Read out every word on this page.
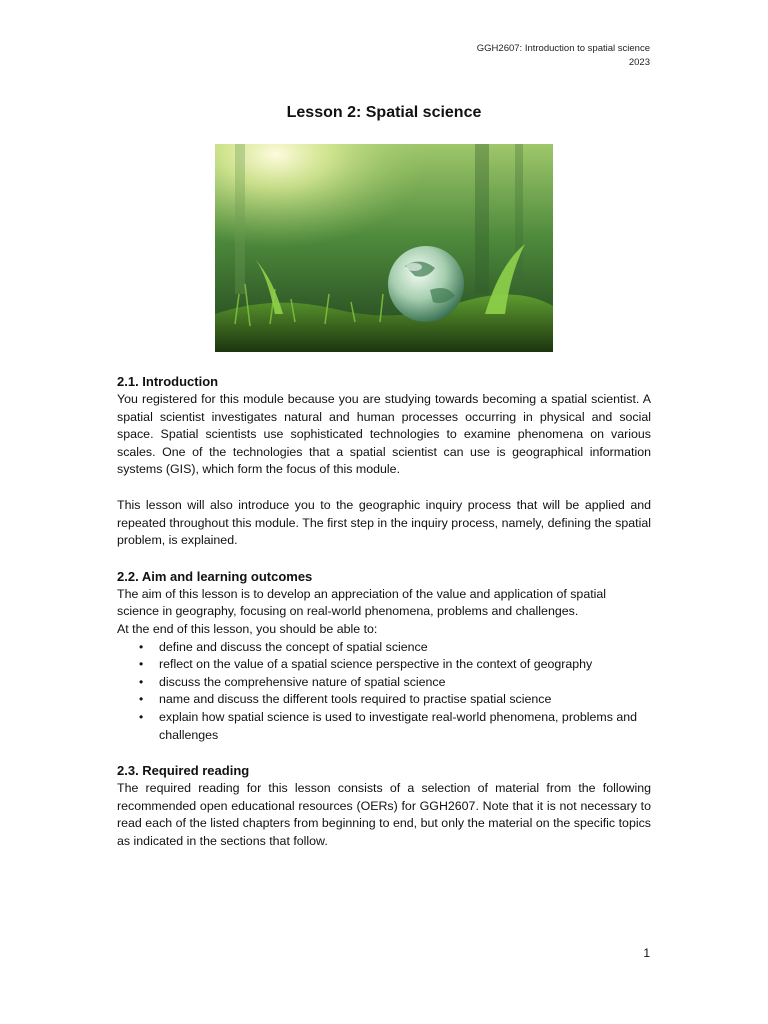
GGH2607: Introduction to spatial science
2023
Lesson 2: Spatial science
2.1. Introduction

You registered for this module because you are studying towards becoming a spatial scientist. A spatial scientist investigates natural and human processes occurring in physical and social space. Spatial scientists use sophisticated technologies to examine phenomena on various scales. One of the technologies that a spatial scientist can use is geographical information systems (GIS), which form the focus of this module.

This lesson will also introduce you to the geographic inquiry process that will be applied and repeated throughout this module. The first step in the inquiry process, namely, defining the spatial problem, is explained.

2.2. Aim and learning outcomes

The aim of this lesson is to develop an appreciation of the value and application of spatial science in geography, focusing on real-world phenomena, problems and challenges.

At the end of this lesson, you should be able to:

• define and discuss the concept of spatial science
• reflect on the value of a spatial science perspective in the context of geography
• discuss the comprehensive nature of spatial science
• name and discuss the different tools required to practise spatial science
• explain how spatial science is used to investigate real-world phenomena, problems and challenges
2.3. Required reading

The required reading for this lesson consists of a selection of material from the following recommended open educational resources (OERs) for GGH2607. Note that it is not necessary to read each of the listed chapters from beginning to end, but only the material on the specific topics as indicated in the sections that follow.

1
